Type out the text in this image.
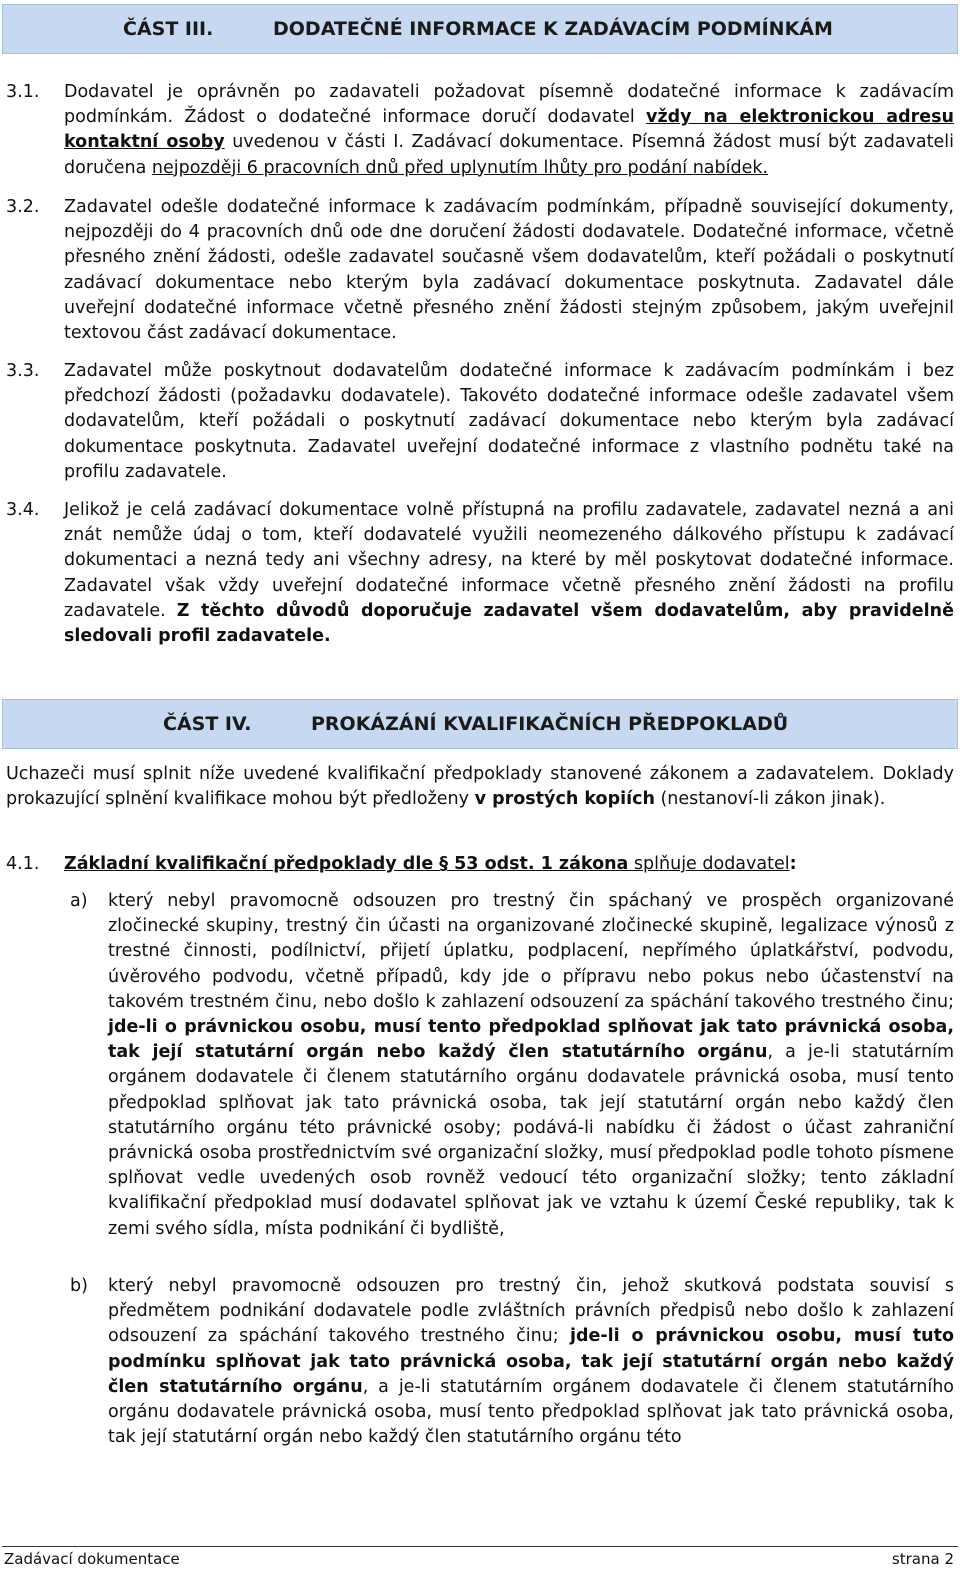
ČÁST III.	DODATEČNÉ INFORMACE K ZADÁVACÍM PODMÍNKÁM
3.1.	Dodavatel je oprávněn po zadavateli požadovat písemně dodatečné informace k zadávacím podmínkám. Žádost o dodatečné informace doručí dodavatel vždy na elektronickou adresu kontaktní osoby uvedenou v části I. Zadávací dokumentace. Písemná žádost musí být zadavateli doručena nejpozději 6 pracovních dnů před uplynutím lhůty pro podání nabídek.
3.2.	Zadavatel odešle dodatečné informace k zadávacím podmínkám, případně související dokumenty, nejpozději do 4 pracovních dnů ode dne doručení žádosti dodavatele. Dodatečné informace, včetně přesného znění žádosti, odešle zadavatel současně všem dodavatelům, kteří požádali o poskytnutí zadávací dokumentace nebo kterým byla zadávací dokumentace poskytnuta. Zadavatel dále uveřejní dodatečné informace včetně přesného znění žádosti stejným způsobem, jakým uveřejnil textovou část zadávací dokumentace.
3.3.	Zadavatel může poskytnout dodavatelům dodatečné informace k zadávacím podmínkám i bez předchozí žádosti (požadavku dodavatele). Takovéto dodatečné informace odešle zadavatel všem dodavatelům, kteří požádali o poskytnutí zadávací dokumentace nebo kterým byla zadávací dokumentace poskytnuta. Zadavatel uveřejní dodatečné informace z vlastního podnětu také na profilu zadavatele.
3.4.	Jelikož je celá zadávací dokumentace volně přístupná na profilu zadavatele, zadavatel nezná a ani znát nemůže údaj o tom, kteří dodavatelé využili neomezeného dálkového přístupu k zadávací dokumentaci a nezná tedy ani všechny adresy, na které by měl poskytovat dodatečné informace. Zadavatel však vždy uveřejní dodatečné informace včetně přesného znění žádosti na profilu zadavatele. Z těchto důvodů doporučuje zadavatel všem dodavatelům, aby pravidelně sledovali profil zadavatele.
ČÁST IV.	PROKÁZÁNÍ KVALIFIKAČNÍCH PŘEDPOKLADŮ
Uchazeči musí splnit níže uvedené kvalifikační předpoklady stanovené zákonem a zadavatelem. Doklady prokazující splnění kvalifikace mohou být předloženy v prostých kopiích (nestanoví-li zákon jinak).
4.1.	Základní kvalifikační předpoklady dle § 53 odst. 1 zákona splňuje dodavatel:
a)	který nebyl pravomocně odsouzen pro trestný čin spáchaný ve prospěch organizované zločinecké skupiny, trestný čin účasti na organizované zločinecké skupině, legalizace výnosů z trestné činnosti, podílnictví, přijetí úplatku, podplacení, nepřímého úplatkářství, podvodu, úvěrového podvodu, včetně případů, kdy jde o přípravu nebo pokus nebo účastenství na takovém trestném činu, nebo došlo k zahlazení odsouzení za spáchání takového trestného činu; jde-li o právnickou osobu, musí tento předpoklad splňovat jak tato právnická osoba, tak její statutární orgán nebo každý člen statutárního orgánu, a je-li statutárním orgánem dodavatele či členem statutárního orgánu dodavatele právnická osoba, musí tento předpoklad splňovat jak tato právnická osoba, tak její statutární orgán nebo každý člen statutárního orgánu této právnické osoby; podává-li nabídku či žádost o účast zahraniční právnická osoba prostřednictvím své organizační složky, musí předpoklad podle tohoto písmene splňovat vedle uvedených osob rovněž vedoucí této organizační složky; tento základní kvalifikační předpoklad musí dodavatel splňovat jak ve vztahu k území České republiky, tak k zemi svého sídla, místa podnikání či bydliště,
b)	který nebyl pravomocně odsouzen pro trestný čin, jehož skutková podstata souvisí s předmětem podnikání dodavatele podle zvláštních právních předpisů nebo došlo k zahlazení odsouzení za spáchání takového trestného činu; jde-li o právnickou osobu, musí tuto podmínku splňovat jak tato právnická osoba, tak její statutární orgán nebo každý člen statutárního orgánu, a je-li statutárním orgánem dodavatele či členem statutárního orgánu dodavatele právnická osoba, musí tento předpoklad splňovat jak tato právnická osoba, tak její statutární orgán nebo každý člen statutárního orgánu této
Zadávací dokumentace	strana 2
